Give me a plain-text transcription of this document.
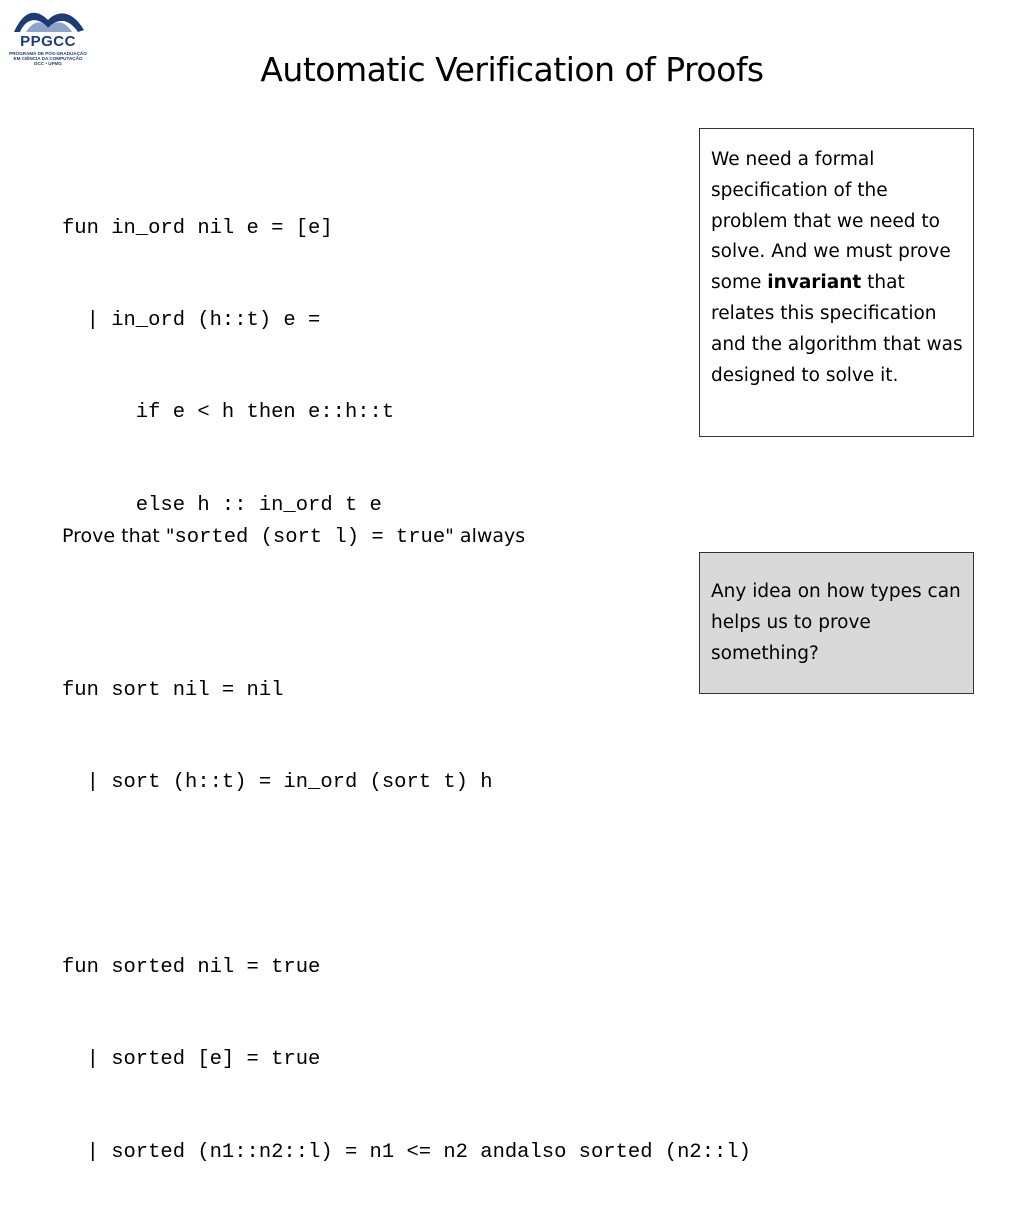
PPGCC
PROGRAMA DE PÓS-GRADUAÇÃO
EM CIÊNCIA DA COMPUTAÇÃO
DCC • UFMG	Automatic Verification of Proofs

fun in_ord nil e = [e]

| in_ord (h::t) e =

if e < h then e::h::t

else h :: in_ord t e

fun sort nil = nil

| sort (h::t) = in_ord (sort t) h

fun sorted nil = true

| sorted [e] = true

| sorted (n1::n2::l) = n1 <= n2 andalso sorted (n2::l)

Prove that "sorted (sort l) = true" always
We need a formal specification of the problem that we need to solve. And we must prove some invariant that relates this specification and the algorithm that was designed to solve it.
Any idea on how types can helps us to prove something?
